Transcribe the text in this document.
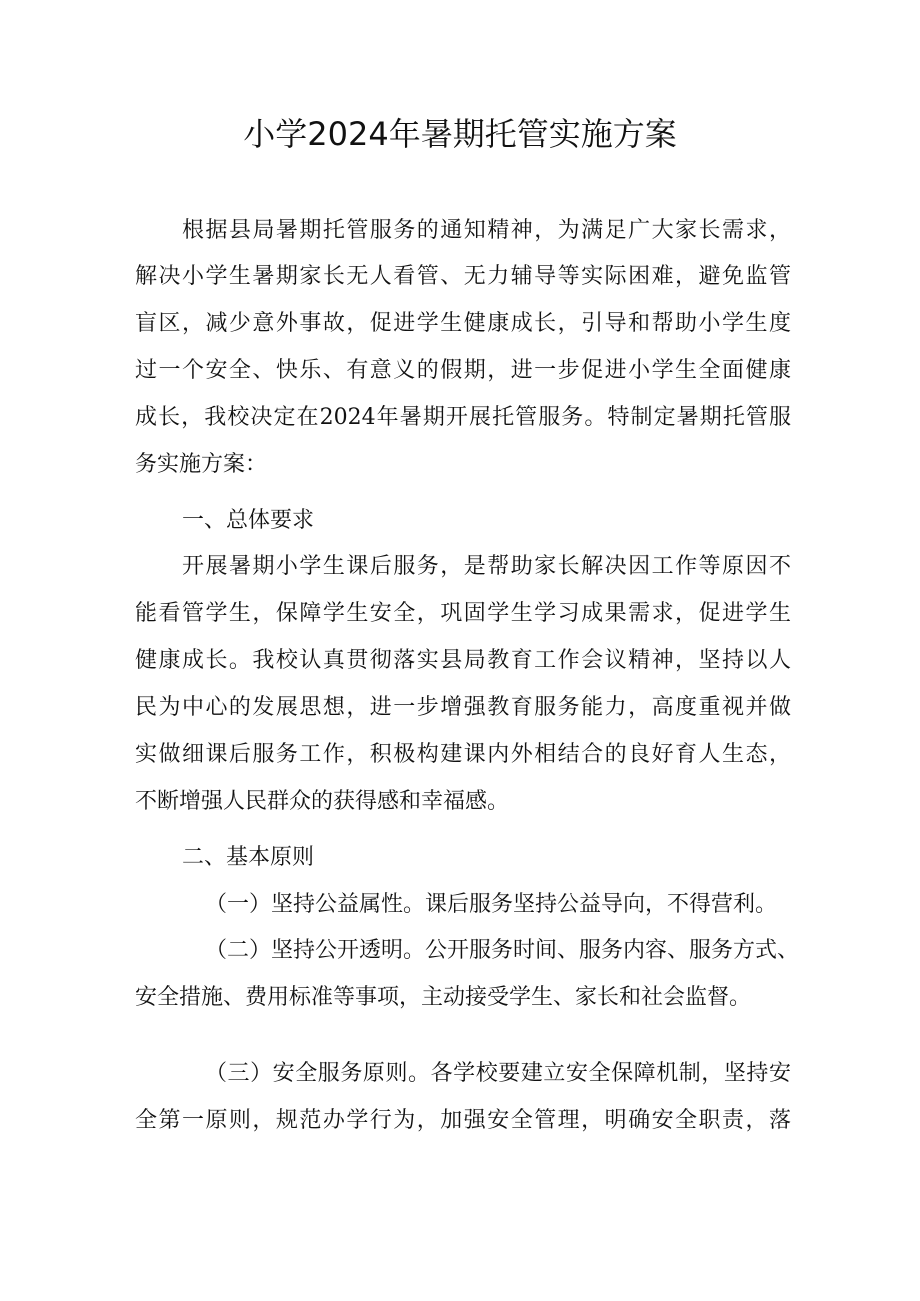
小学2024年暑期托管实施方案

根据县局暑期托管服务的通知精神，为满足广大家长需求，

解决小学生暑期家长无人看管、无力辅导等实际困难，避免监管

盲区，减少意外事故，促进学生健康成长，引导和帮助小学生度

过一个安全、快乐、有意义的假期，进一步促进小学生全面健康

成长，我校决定在2024年暑期开展托管服务。特制定暑期托管服

务实施方案：

一、总体要求

开展暑期小学生课后服务，是帮助家长解决因工作等原因不

能看管学生，保障学生安全，巩固学生学习成果需求，促进学生

健康成长。我校认真贯彻落实县局教育工作会议精神，坚持以人

民为中心的发展思想，进一步增强教育服务能力，高度重视并做

实做细课后服务工作，积极构建课内外相结合的良好育人生态，

不断增强人民群众的获得感和幸福感。

二、基本原则

（一）坚持公益属性。课后服务坚持公益导向，不得营利。

（二）坚持公开透明。公开服务时间、服务内容、服务方式、

安全措施、费用标准等事项，主动接受学生、家长和社会监督。

（三）安全服务原则。各学校要建立安全保障机制，坚持安

全第一原则，规范办学行为，加强安全管理，明确安全职责，落
